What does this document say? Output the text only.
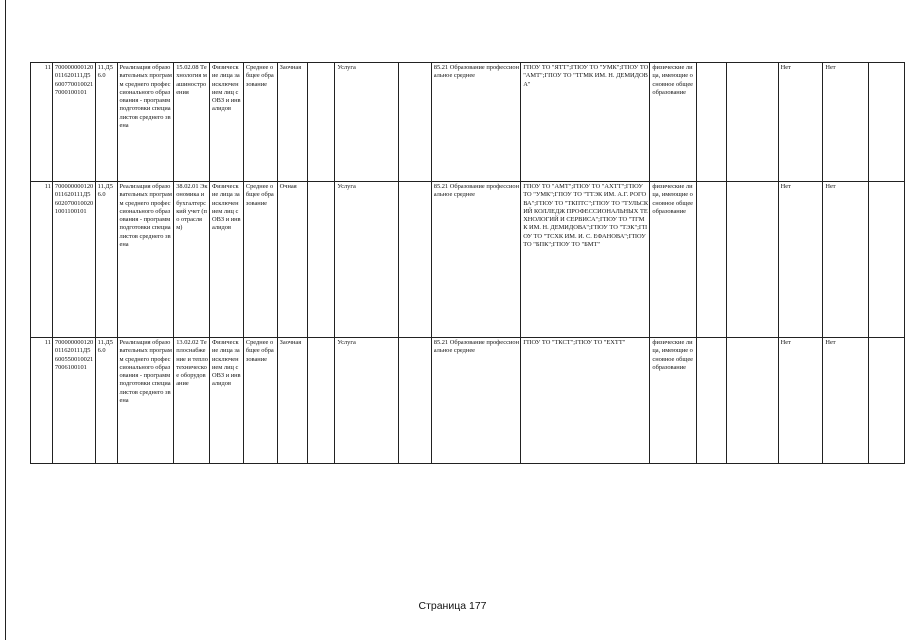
11	700000000120011620111Д56007700100217000100101	11.Д56.0	Реализация образовательных программ среднего профессионального образования - программ подготовки специалистов среднего звена	15.02.08 Технология машиностроения	Физические лица за исключением лиц с ОВЗ и инвалидов	Среднее общее образование	Заочная		Услуга		85.21 Образование профессиональное среднее	ГПОУ ТО "ЯТТ";ГПОУ ТО "УМК";ГПОУ ТО "АМТ";ГПОУ ТО "ТГМК ИМ. Н. ДЕМИДОВА"	физические лица, имеющие основное общее образование			Нет	Нет	
11	700000000120011620111Д56020700100201001100101	11.Д56.0	Реализация образовательных программ среднего профессионального образования - программ подготовки специалистов среднего звена	38.02.01 Экономика и бухгалтерский учет (по отраслям)	Физические лица за исключением лиц с ОВЗ и инвалидов	Среднее общее образование	Очная		Услуга		85.21 Образование профессиональное среднее	ГПОУ ТО "АМТ";ГПОУ ТО "АХТТ";ГПОУ ТО "УМК";ГПОУ ТО "ТТЭК ИМ. А.Г. РОГОВА";ГПОУ ТО "ТКПТС";ГПОУ ТО "ТУЛЬСКИЙ КОЛЛЕДЖ ПРОФЕССИОНАЛЬНЫХ ТЕХНОЛОГИЙ И СЕРВИСА";ГПОУ ТО "ТГМК ИМ. Н. ДЕМИДОВА";ГПОУ ТО "ТЭК";ГПОУ ТО "ТСХК ИМ. И. С. ЕФАНОВА";ГПОУ ТО "БПК";ГПОУ ТО "БМТ"	физические лица, имеющие основное общее образование			Нет	Нет	
11	700000000120011620111Д56005500100217006100101	11.Д56.0	Реализация образовательных программ среднего профессионального образования - программ подготовки специалистов среднего звена	13.02.02 Теплоснабжение и теплотехническое оборудование	Физические лица за исключением лиц с ОВЗ и инвалидов	Среднее общее образование	Заочная		Услуга		85.21 Образование профессиональное среднее	ГПОУ ТО "ТКСТ";ГПОУ ТО "ЕХТТ"	физические лица, имеющие основное общее образование			Нет	Нет	
Страница 177
